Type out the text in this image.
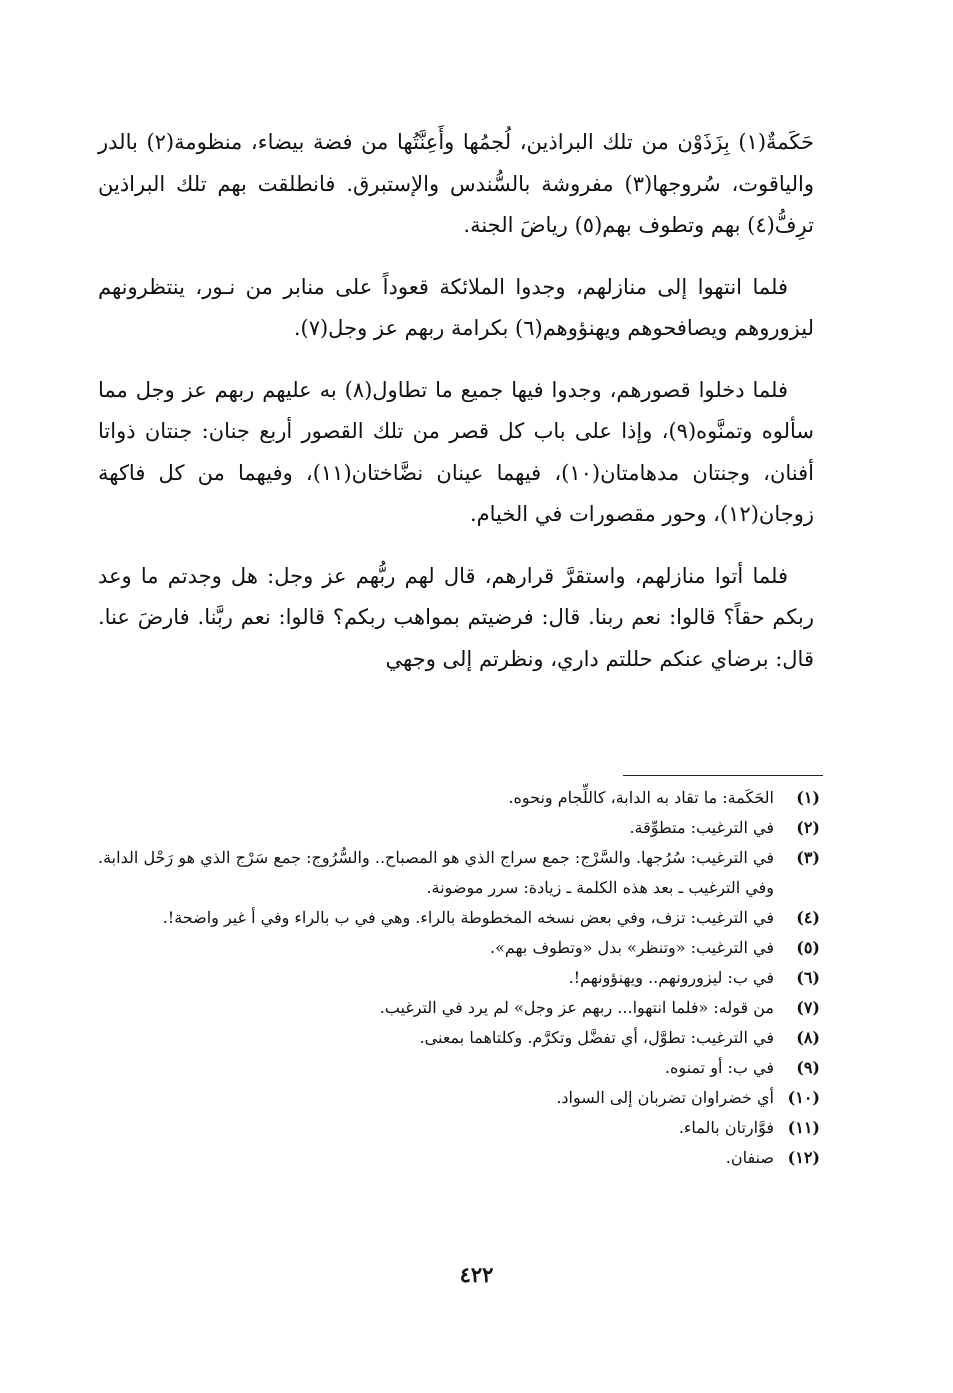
حَكَمةٌ(١) بِزَذَوْن من تلك البراذين، لُجمُها وأَعِنَّتُها من فضة بيضاء، منظومة(٢) بالدر والياقوت، سُروجها(٣) مفروشة بالسُّندس والإستبرق. فانطلقت بهم تلك البراذين ترِفُّ(٤) بهم وتطوف بهم(٥) رياضَ الجنة.

فلما انتهوا إلى منازلهم، وجدوا الملائكة قعوداً على منابر من نـور، ينتظرونهم ليزوروهم ويصافحوهم ويهنؤوهم(٦) بكرامة ربهم عز وجل(٧).

فلما دخلوا قصورهم، وجدوا فيها جميع ما تطاول(٨) به عليهم ربهم عز وجل مما سألوه وتمنَّوه(٩)، وإذا على باب كل قصر من تلك القصور أربع جنان: جنتان ذواتا أفنان، وجنتان مدهامتان(١٠)، فيهما عينان نضَّاختان(١١)، وفيهما من كل فاكهة زوجان(١٢)، وحور مقصورات في الخيام.

فلما أتوا منازلهم، واستقرَّ قرارهم، قال لهم ربُّهم عز وجل: هل وجدتم ما وعد ربكم حقاً؟ قالوا: نعم ربنا. قال: فرضيتم بمواهب ربكم؟ قالوا: نعم ربَّنا. فارضَ عنا. قال: برضاي عنكم حللتم داري، ونظرتم إلى وجهي

(١)
الحَكَمة: ما تقاد به الدابة، كاللِّجام ونحوه.
(٢)
في الترغيب: متطوِّقة.
(٣)
في الترغيب: سُرُجها. والسَّرْج: جمع سراج الذي هو المصباح.. والسُّرُوج: جمع سَرْج الذي هو رَحْل الدابة. وفي الترغيب ـ بعد هذه الكلمة ـ زيادة: سرر موضونة.
(٤)
في الترغيب: تزف، وفي بعض نسخه المخطوطة بالراء. وهي في ب بالراء وفي أ غير واضحة!.
(٥)
في الترغيب: «وتنظر» بدل «وتطوف بهم».
(٦)
في ب: ليزورونهم.. ويهنؤونهم!.
(٧)
من قوله: «فلما انتهوا... ربهم عز وجل» لم يرد في الترغيب.
(٨)
في الترغيب: تطوَّل، أي تفضَّل وتكرَّم. وكلتاهما بمعنى.
(٩)
في ب: أو تمنوه.
(١٠)
أي خضراوان تضربان إلى السواد.
(١١)
فوَّارتان بالماء.
(١٢)
صنفان.
٤٢٢
